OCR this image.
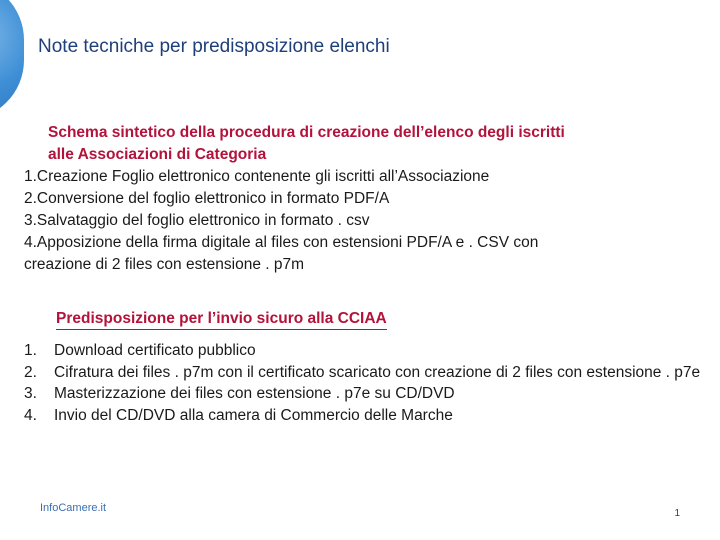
Note tecniche per predisposizione elenchi
Schema sintetico della procedura di creazione dell’elenco degli iscritti
alle Associazioni di Categoria
1.Creazione Foglio elettronico contenente gli iscritti all’Associazione
2.Conversione del foglio elettronico in formato PDF/A
3.Salvataggio del foglio elettronico in formato . csv
4.Apposizione della firma digitale al files con estensioni PDF/A e . CSV con
creazione di 2 files con estensione . p7m
Predisposizione per l’invio sicuro alla CCIAA
1.	Download certificato pubblico
2.	Cifratura dei files . p7m con il certificato scaricato con creazione di 2 files con estensione . p7e
3.	Masterizzazione dei files con estensione . p7e su CD/DVD
4.	Invio del CD/DVD alla camera di Commercio delle Marche
InfoCamere.it	1
